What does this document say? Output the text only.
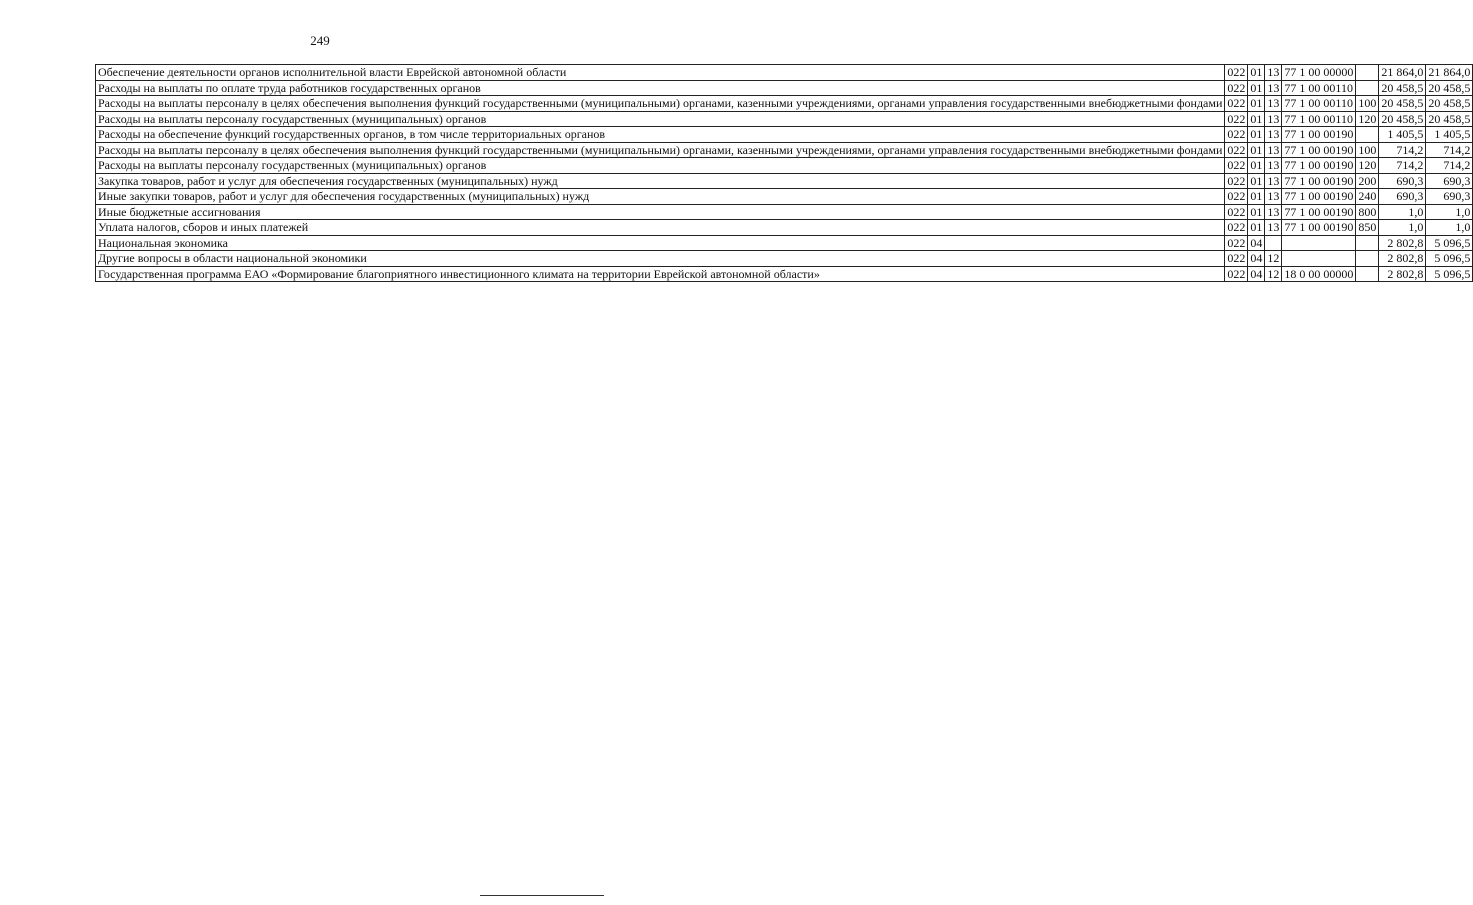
249
Обеспечение деятельности органов исполнительной власти Еврейской автономной области	022	01	13	77 1 00 00000		21 864,0	21 864,0
Расходы на выплаты по оплате труда работников государственных органов	022	01	13	77 1 00 00110		20 458,5	20 458,5
Расходы на выплаты персоналу в целях обеспечения выполнения функций государственными (муниципальными) органами, казенными учреждениями, органами управления государственными внебюджетными фондами	022	01	13	77 1 00 00110	100	20 458,5	20 458,5
Расходы на выплаты персоналу государственных (муниципальных) органов	022	01	13	77 1 00 00110	120	20 458,5	20 458,5
Расходы на обеспечение функций государственных органов, в том числе территориальных органов	022	01	13	77 1 00 00190		1 405,5	1 405,5
Расходы на выплаты персоналу в целях обеспечения выполнения функций государственными (муниципальными) органами, казенными учреждениями, органами управления государственными внебюджетными фондами	022	01	13	77 1 00 00190	100	714,2	714,2
Расходы на выплаты персоналу государственных (муниципальных) органов	022	01	13	77 1 00 00190	120	714,2	714,2
Закупка товаров, работ и услуг для обеспечения государственных (муниципальных) нужд	022	01	13	77 1 00 00190	200	690,3	690,3
Иные закупки товаров, работ и услуг для обеспечения государственных (муниципальных) нужд	022	01	13	77 1 00 00190	240	690,3	690,3
Иные бюджетные ассигнования	022	01	13	77 1 00 00190	800	1,0	1,0
Уплата налогов, сборов и иных платежей	022	01	13	77 1 00 00190	850	1,0	1,0
Национальная экономика	022	04				2 802,8	5 096,5
Другие вопросы в области национальной экономики	022	04	12			2 802,8	5 096,5
Государственная программа ЕАО «Формирование благоприятного инвестиционного климата на территории Еврейской автономной области»	022	04	12	18 0 00 00000		2 802,8	5 096,5
